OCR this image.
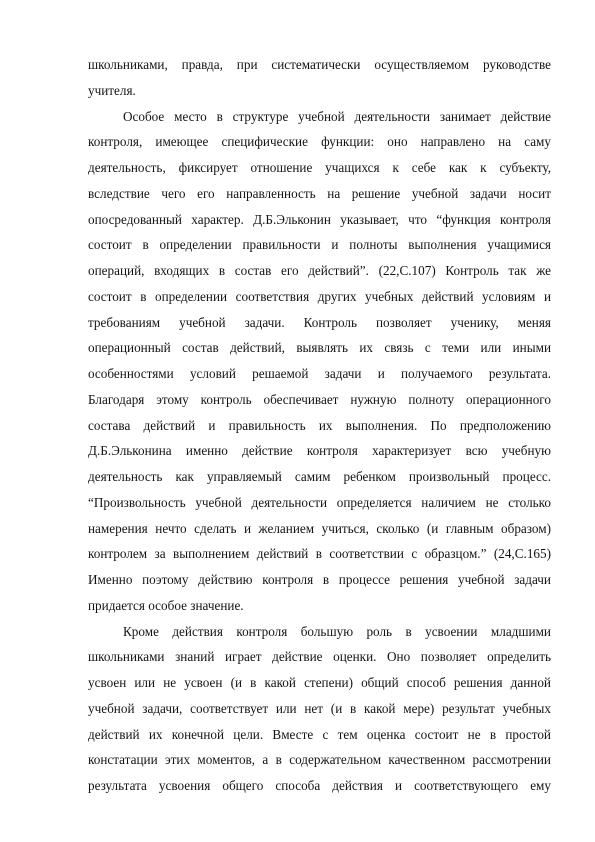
школьниками, правда, при систематически осуществляемом руководстве
учителя.
Особое место в структуре учебной деятельности занимает действие
контроля, имеющее специфические функции: оно направлено на саму
деятельность, фиксирует отношение учащихся к себе как к субъекту,
вследствие чего его направленность на решение учебной задачи носит
опосредованный характер. Д.Б.Эльконин указывает, что “функция контроля
состоит в определении правильности и полноты выполнения учащимися
операций, входящих в состав его действий”. (22,С.107) Контроль так же
состоит в определении соответствия других учебных действий условиям и
требованиям учебной задачи. Контроль позволяет ученику, меняя
операционный состав действий, выявлять их связь с теми или иными
особенностями условий решаемой задачи и получаемого результата.
Благодаря этому контроль обеспечивает нужную полноту операционного
состава действий и правильность их выполнения. По предположению
Д.Б.Эльконина именно действие контроля характеризует всю учебную
деятельность как управляемый самим ребенком произвольный процесс.
“Произвольность учебной деятельности определяется наличием не столько
намерения нечто сделать и желанием учиться, сколько (и главным образом)
контролем за выполнением действий в соответствии с образцом.” (24,С.165)
Именно поэтому действию контроля в процессе решения учебной задачи
придается особое значение.
Кроме действия контроля большую роль в усвоении младшими
школьниками знаний играет действие оценки. Оно позволяет определить
усвоен или не усвоен (и в какой степени) общий способ решения данной
учебной задачи, соответствует или нет (и в какой мере) результат учебных
действий их конечной цели. Вместе с тем оценка состоит не в простой
констатации этих моментов, а в содержательном качественном рассмотрении
результата усвоения общего способа действия и соответствующего ему
